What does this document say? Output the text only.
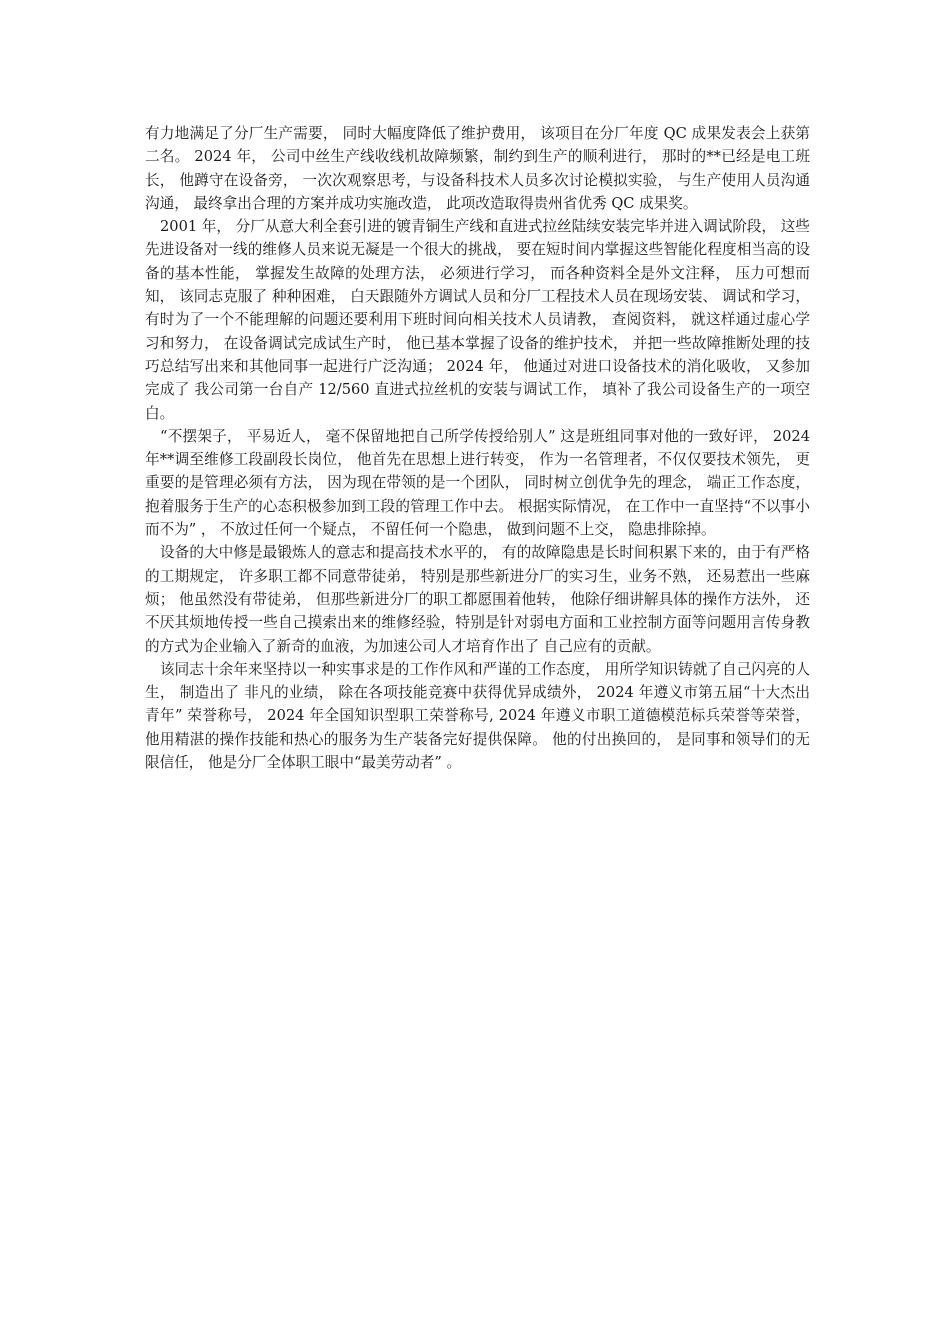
有力地满足了分厂生产需要， 同时大幅度降低了维护费用， 该项目在分厂年度 QC 成果发表会上获第二名。 2024 年， 公司中丝生产线收线机故障频繁，制约到生产的顺利进行， 那时的**已经是电工班长， 他蹲守在设备旁， 一次次观察思考，与设备科技术人员多次讨论模拟实验， 与生产使用人员沟通沟通， 最终拿出合理的方案并成功实施改造， 此项改造取得贵州省优秀 QC 成果奖。

2001 年， 分厂从意大利全套引进的镀青铜生产线和直进式拉丝陆续安装完毕并进入调试阶段， 这些先进设备对一线的维修人员来说无凝是一个很大的挑战， 要在短时间内掌握这些智能化程度相当高的设备的基本性能， 掌握发生故障的处理方法， 必须进行学习， 而各种资料全是外文注释， 压力可想而知， 该同志克服了 种种困难， 白天跟随外方调试人员和分厂工程技术人员在现场安装、 调试和学习， 有时为了一个不能理解的问题还要利用下班时间向相关技术人员请教， 查阅资料， 就这样通过虚心学习和努力， 在设备调试完成试生产时， 他已基本掌握了设备的维护技术， 并把一些故障推断处理的技巧总结写出来和其他同事一起进行广泛沟通； 2024 年， 他通过对进口设备技术的消化吸收， 又参加完成了 我公司第一台自产 12/560 直进式拉丝机的安装与调试工作， 填补了我公司设备生产的一项空白。

“不摆架子， 平易近人， 毫不保留地把自己所学传授给别人” 这是班组同事对他的一致好评， 2024 年**调至维修工段副段长岗位， 他首先在思想上进行转变， 作为一名管理者，不仅仅要技术领先， 更重要的是管理必须有方法， 因为现在带领的是一个团队， 同时树立创优争先的理念， 端正工作态度， 抱着服务于生产的心态积极参加到工段的管理工作中去。 根据实际情况， 在工作中一直坚持“不以事小而不为” ， 不放过任何一个疑点， 不留任何一个隐患， 做到问题不上交， 隐患排除掉。

设备的大中修是最锻炼人的意志和提高技术水平的， 有的故障隐患是长时间积累下来的，由于有严格的工期规定， 许多职工都不同意带徒弟， 特别是那些新进分厂的实习生，业务不熟， 还易惹出一些麻烦； 他虽然没有带徒弟， 但那些新进分厂的职工都愿围着他转， 他除仔细讲解具体的操作方法外， 还不厌其烦地传授一些自己摸索出来的维修经验，特别是针对弱电方面和工业控制方面等问题用言传身教的方式为企业输入了新奇的血液，为加速公司人才培育作出了 自己应有的贡献。

该同志十余年来坚持以一种实事求是的工作作风和严谨的工作态度， 用所学知识铸就了自己闪亮的人生， 制造出了 非凡的业绩， 除在各项技能竞赛中获得优异成绩外， 2024 年遵义市第五届“十大杰出青年” 荣誉称号， 2024 年全国知识型职工荣誉称号, 2024 年遵义市职工道德模范标兵荣誉等荣誉， 他用精湛的操作技能和热心的服务为生产装备完好提供保障。 他的付出换回的， 是同事和领导们的无限信任， 他是分厂全体职工眼中“最美劳动者” 。
